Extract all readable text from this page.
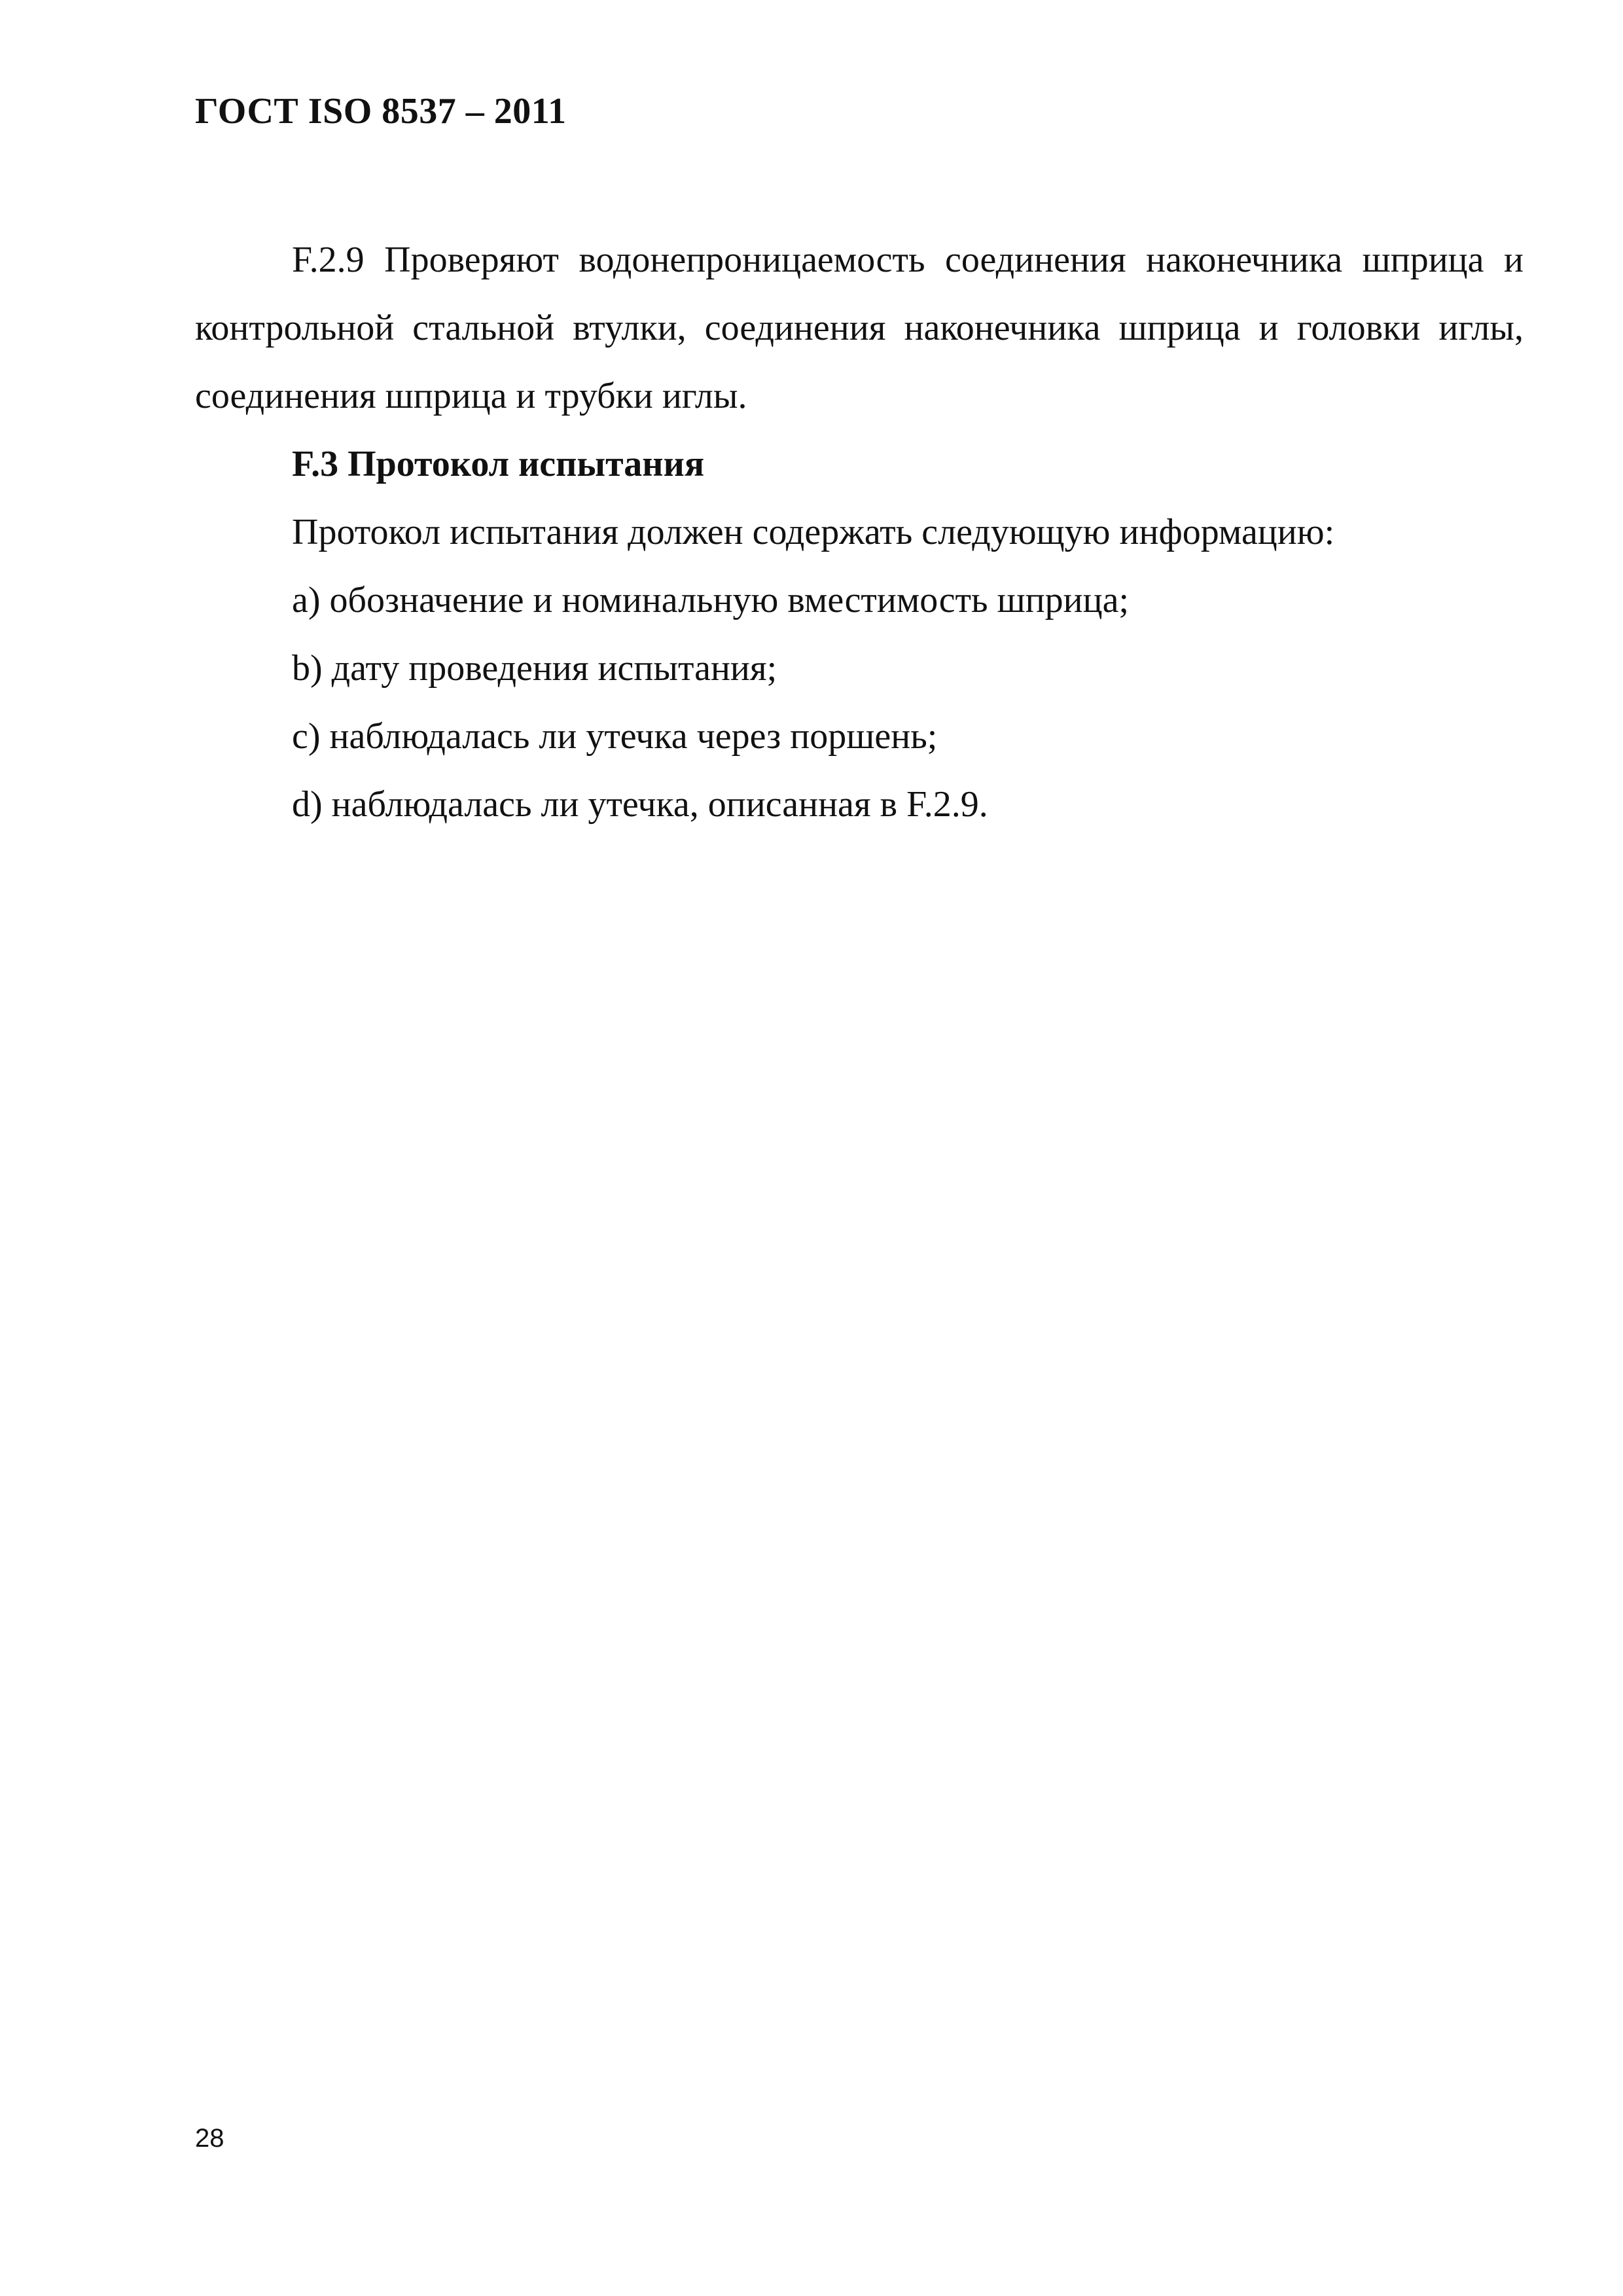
ГОСТ ISO 8537 – 2011

F.2.9 Проверяют водонепроницаемость соединения наконечника шприца и контрольной стальной втулки, соединения наконечника шприца и головки иглы, соединения шприца и трубки иглы.

F.3 Протокол испытания

Протокол испытания должен содержать следующую информацию:

а) обозначение и номинальную вместимость шприца;
b) дату проведения испытания;
с) наблюдалась ли утечка через поршень;
d) наблюдалась ли утечка, описанная в F.2.9.
28
